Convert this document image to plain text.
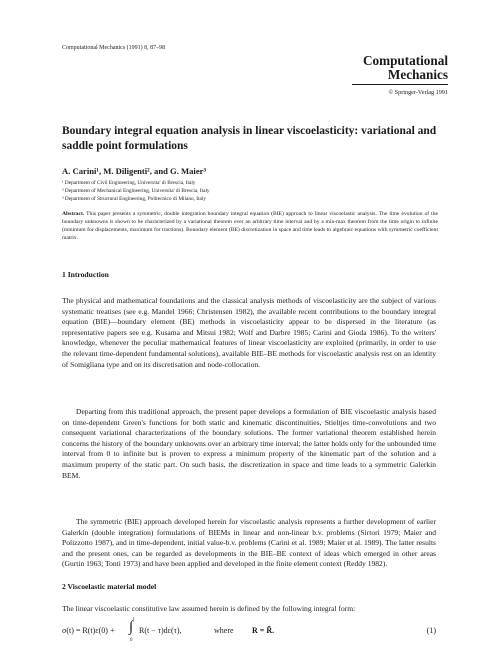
Computational Mechanics (1991) 8, 87–98
Computational
Mechanics
© Springer-Verlag 1991
Boundary integral equation analysis in linear viscoelasticity: variational and saddle point formulations
A. Carini¹, M. Diligenti², and G. Maier³
¹ Department of Civil Engineering, Universita' di Brescia, Italy
² Department of Mechanical Engineering, Universita' di Brescia, Italy
³ Department of Structural Engineering, Politecnico di Milano, Italy
Abstract. This paper presents a symmetric, double integration boundary integral equation (BIE) approach to linear viscoelastic analysis. The time evolution of the boundary unknowns is shown to be characterized by a variational theorem over an arbitrary time interval and by a min-max theorem from the time origin to infinite (minimum for displacements, maximum for tractions). Boundary element (BE) discretization in space and time leads to algebraic equations with symmetric coefficient matrix.
1 Introduction
The physical and mathematical foundations and the classical analysis methods of viscoelasticity are the subject of various systematic treatises (see e.g. Mandel 1966; Christensen 1982), the available recent contributions to the boundary integral equation (BIE)—boundary element (BE) methods in viscoelasticity appear to be dispersed in the literature (as representative papers see e.g. Kusama and Mitsui 1982; Wolf and Darbre 1985; Carini and Gioda 1986). To the writers' knowledge, whenever the peculiar mathematical features of linear viscoelasticity are exploited (primarily, in order to use the relevant time-dependent fundamental solutions), available BIE–BE methods for viscoelastic analysis rest on an identity of Somigliana type and on its discretisation and node-collocation.
Departing from this traditional approach, the present paper develops a formulation of BIE viscoelastic analysis based on time-dependent Green's functions for both static and kinematic discontinuities, Stieltjes time-convolutions and two consequent variational characterizations of the boundary solutions. The former variational theorem established herein concerns the history of the boundary unknowns over an arbitrary time interval; the latter holds only for the unbounded time interval from 0 to infinite but is proven to express a minimum property of the kinematic part of the solution and a maximum property of the static part. On such basis, the discretization in space and time leads to a symmetric Galerkin BEM.
The symmetric (BIE) approach developed herein for viscoelastic analysis represents a further development of earlier Galerkin (double integration) formulations of BIEMs in linear and non-linear b.v. problems (Sirtori 1979; Maier and Polizzotto 1987), and in time-dependent, initial value-b.v. problems (Carini et al. 1989; Maier et al. 1989). The latter results and the present ones, can be regarded as developments in the BIE–BE context of ideas which emerged in other areas (Gurtin 1963; Tonti 1973) and have been applied and developed in the finite element context (Reddy 1982).
2 Viscoelastic material model
The linear viscoelastic constitutive law assumed herein is defined by the following integral form:
σ(t) = R(t)ε(0) +
t
∫
0
R(t − τ)dε(τ),	where R = R̃.	(1)
